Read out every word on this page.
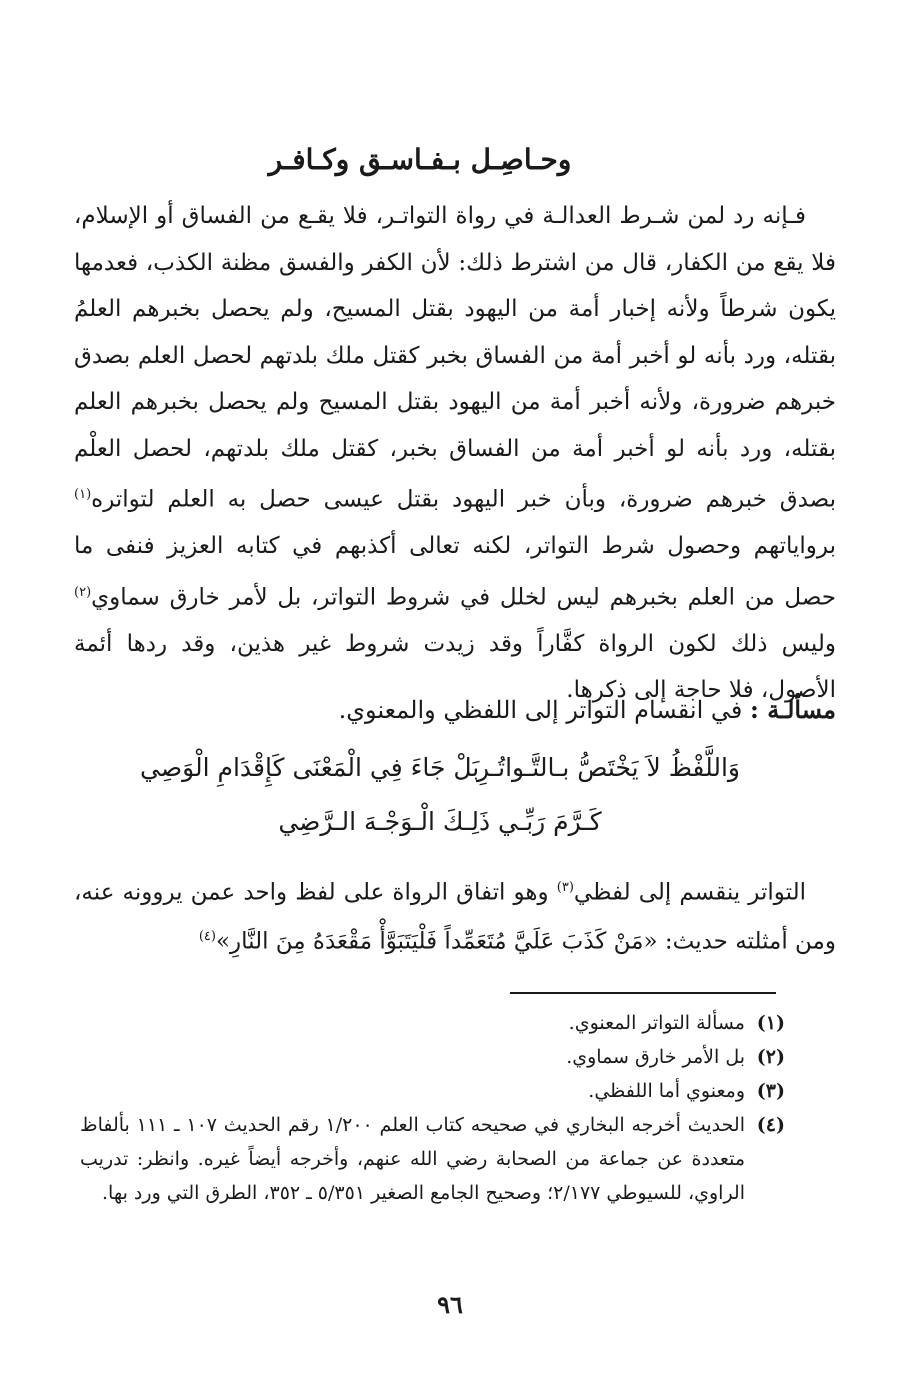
وحـاصِـل بـفـاسـق وكـافـر

فـإنه رد لمن شـرط العدالـة في رواة التواتـر، فلا يقـع من الفساق أو الإسلام، فلا يقع من الكفار، قال من اشترط ذلك: لأن الكفر والفسق مظنة الكذب، فعدمها يكون شرطاً ولأنه إخبار أمة من اليهود بقتل المسيح، ولم يحصل بخبرهم العلمُ بقتله، ورد بأنه لو أخبر أمة من الفساق بخبر كقتل ملك بلدتهم لحصل العلم بصدق خبرهم ضرورة، ولأنه أخبر أمة من اليهود بقتل المسيح ولم يحصل بخبرهم العلم بقتله، ورد بأنه لو أخبر أمة من الفساق بخبر، كقتل ملك بلدتهم، لحصل العلْم بصدق خبرهم ضرورة، وبأن خبر اليهود بقتل عيسى حصل به العلم لتواتره$^{(١)}$ برواياتهم وحصول شرط التواتر، لكنه تعالى أكذبهم في كتابه العزيز فنفى ما حصل من العلم بخبرهم ليس لخلل في شروط التواتر، بل لأمر خارق سماوي$^{(٢)}$ وليس ذلك لكون الرواة كفَّاراً وقد زيدت شروط غير هذين، وقد ردها أئمة الأصول، فلا حاجة إلى ذكرها.

مسألـة : في انقسام التواتر إلى اللفظي والمعنوي.

وَاللَّفْظُ لاَ يَخْتَصُّ بـالتَّـواتُـرِ
بَلْ جَاءَ فِي الْمَعْنَى كَإِقْدَامِ الْوَصِي
كَـرَّمَ رَبِّـي ذَلِـكَ الْـوَجْـهَ الـرَّضِي

التواتر ينقسم إلى لفظي$^{(٣)}$ وهو اتفاق الرواة على لفظ واحد عمن يروونه عنه، ومن أمثلته حديث: «مَنْ كَذَبَ عَلَيَّ مُتَعَمِّداً فَلْيَتَبَوَّأْ مَقْعَدَهُ مِنَ النَّارِ»$^{(٤)}$

(١)
مسألة التواتر المعنوي.
(٢)
بل الأمر خارق سماوي.
(٣)
ومعنوي أما اللفظي.
(٤)
الحديث أخرجه البخاري في صحيحه كتاب العلم ١/٢٠٠ رقم الحديث ١٠٧ ـ ١١١ بألفاظ متعددة عن جماعة من الصحابة رضي الله عنهم، وأخرجه أيضاً غيره. وانظر: تدريب الراوي، للسيوطي ٢/١٧٧؛ وصحيح الجامع الصغير ٥/٣٥١ ـ ٣٥٢، الطرق التي ورد بها.
٩٦
